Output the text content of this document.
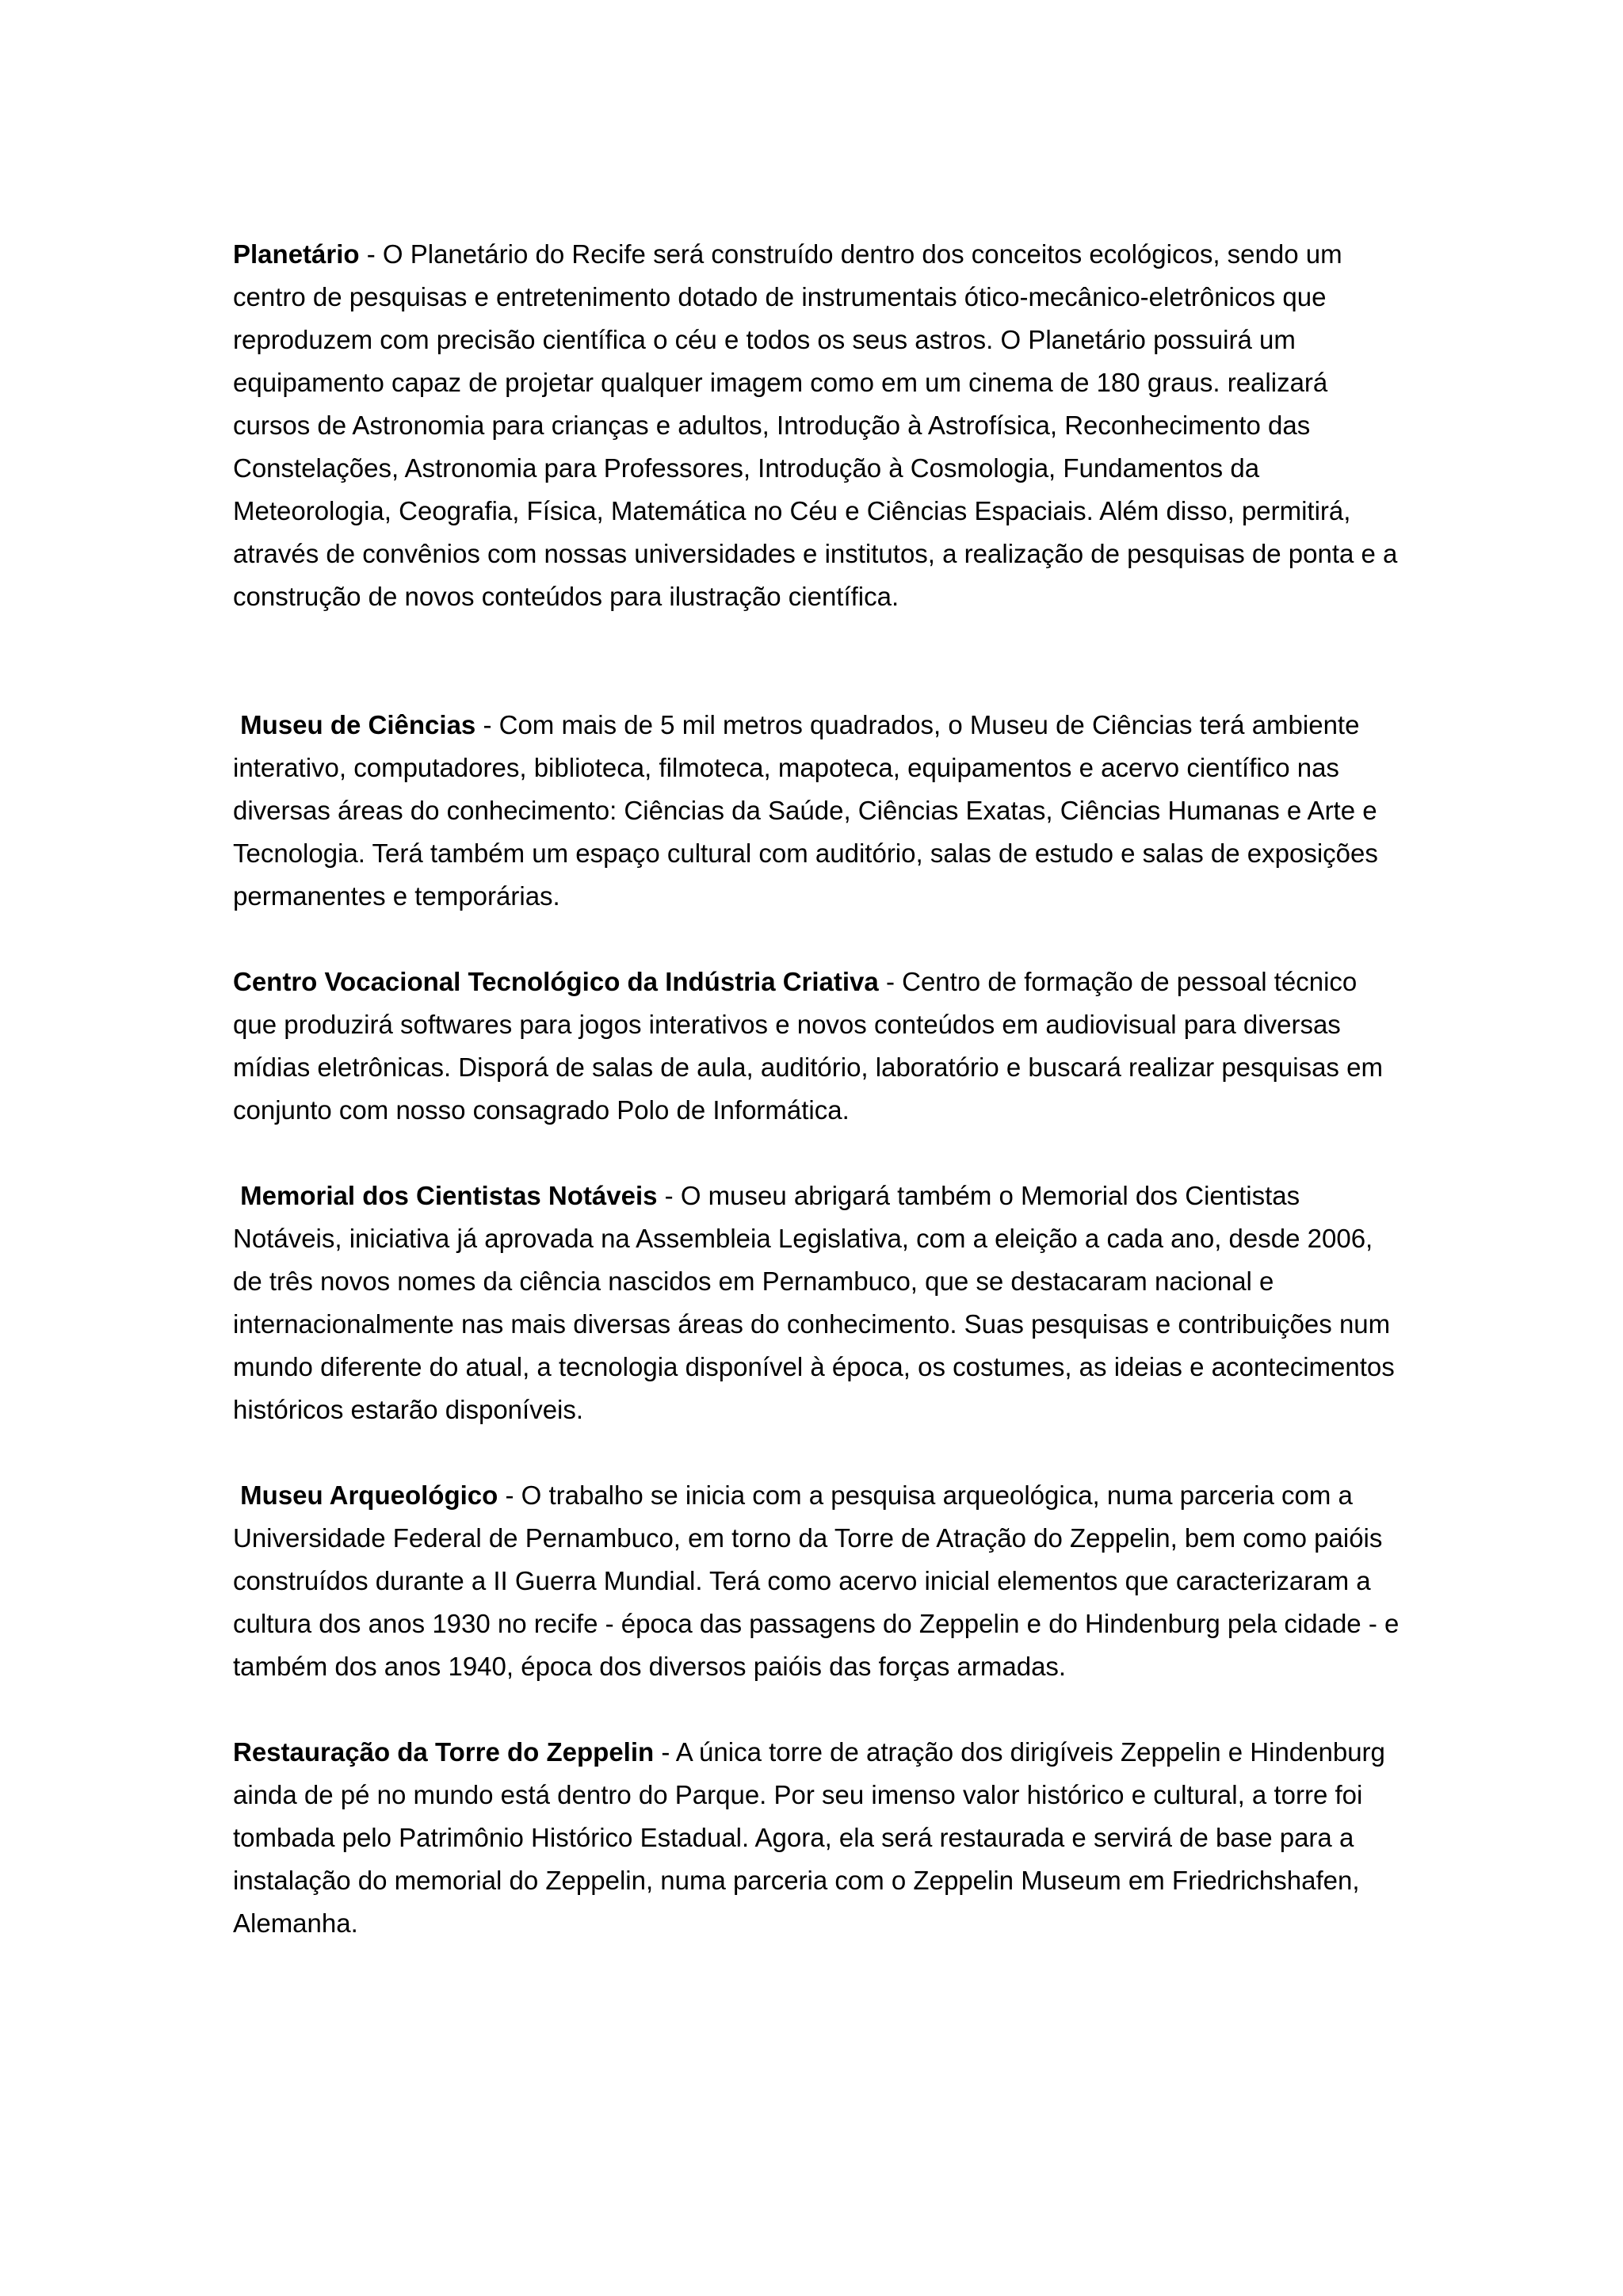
Planetário - O Planetário do Recife será construído dentro dos conceitos ecológicos, sendo um centro de pesquisas e entretenimento dotado de instrumentais ótico-mecânico-eletrônicos que reproduzem com precisão científica o céu e todos os seus astros. O Planetário possuirá um equipamento capaz de projetar qualquer imagem como em um cinema de 180 graus. realizará cursos de Astronomia para crianças e adultos, Introdução à Astrofísica, Reconhecimento das Constelações, Astronomia para Professores, Introdução à Cosmologia, Fundamentos da Meteorologia, Ceografia, Física, Matemática no Céu e Ciências Espaciais. Além disso, permitirá, através de convênios com nossas universidades e institutos, a realização de pesquisas de ponta e a construção de novos conteúdos para ilustração científica.

Museu de Ciências - Com mais de 5 mil metros quadrados, o Museu de Ciências terá ambiente interativo, computadores, biblioteca, filmoteca, mapoteca, equipamentos e acervo científico nas diversas áreas do conhecimento: Ciências da Saúde, Ciências Exatas, Ciências Humanas e Arte e Tecnologia. Terá também um espaço cultural com auditório, salas de estudo e salas de exposições permanentes e temporárias.

Centro Vocacional Tecnológico da Indústria Criativa - Centro de formação de pessoal técnico que produzirá softwares para jogos interativos e novos conteúdos em audiovisual para diversas mídias eletrônicas. Disporá de salas de aula, auditório, laboratório e buscará realizar pesquisas em conjunto com nosso consagrado Polo de Informática.

Memorial dos Cientistas Notáveis - O museu abrigará também o Memorial dos Cientistas Notáveis, iniciativa já aprovada na Assembleia Legislativa, com a eleição a cada ano, desde 2006, de três novos nomes da ciência nascidos em Pernambuco, que se destacaram nacional e internacionalmente nas mais diversas áreas do conhecimento. Suas pesquisas e contribuições num mundo diferente do atual, a tecnologia disponível à época, os costumes, as ideias e acontecimentos históricos estarão disponíveis.

Museu Arqueológico - O trabalho se inicia com a pesquisa arqueológica, numa parceria com a Universidade Federal de Pernambuco, em torno da Torre de Atração do Zeppelin, bem como paióis construídos durante a II Guerra Mundial. Terá como acervo inicial elementos que caracterizaram a cultura dos anos 1930 no recife - época das passagens do Zeppelin e do Hindenburg pela cidade - e também dos anos 1940, época dos diversos paióis das forças armadas.

Restauração da Torre do Zeppelin - A única torre de atração dos dirigíveis Zeppelin e Hindenburg ainda de pé no mundo está dentro do Parque. Por seu imenso valor histórico e cultural, a torre foi tombada pelo Patrimônio Histórico Estadual. Agora, ela será restaurada e servirá de base para a instalação do memorial do Zeppelin, numa parceria com o Zeppelin Museum em Friedrichshafen, Alemanha.
